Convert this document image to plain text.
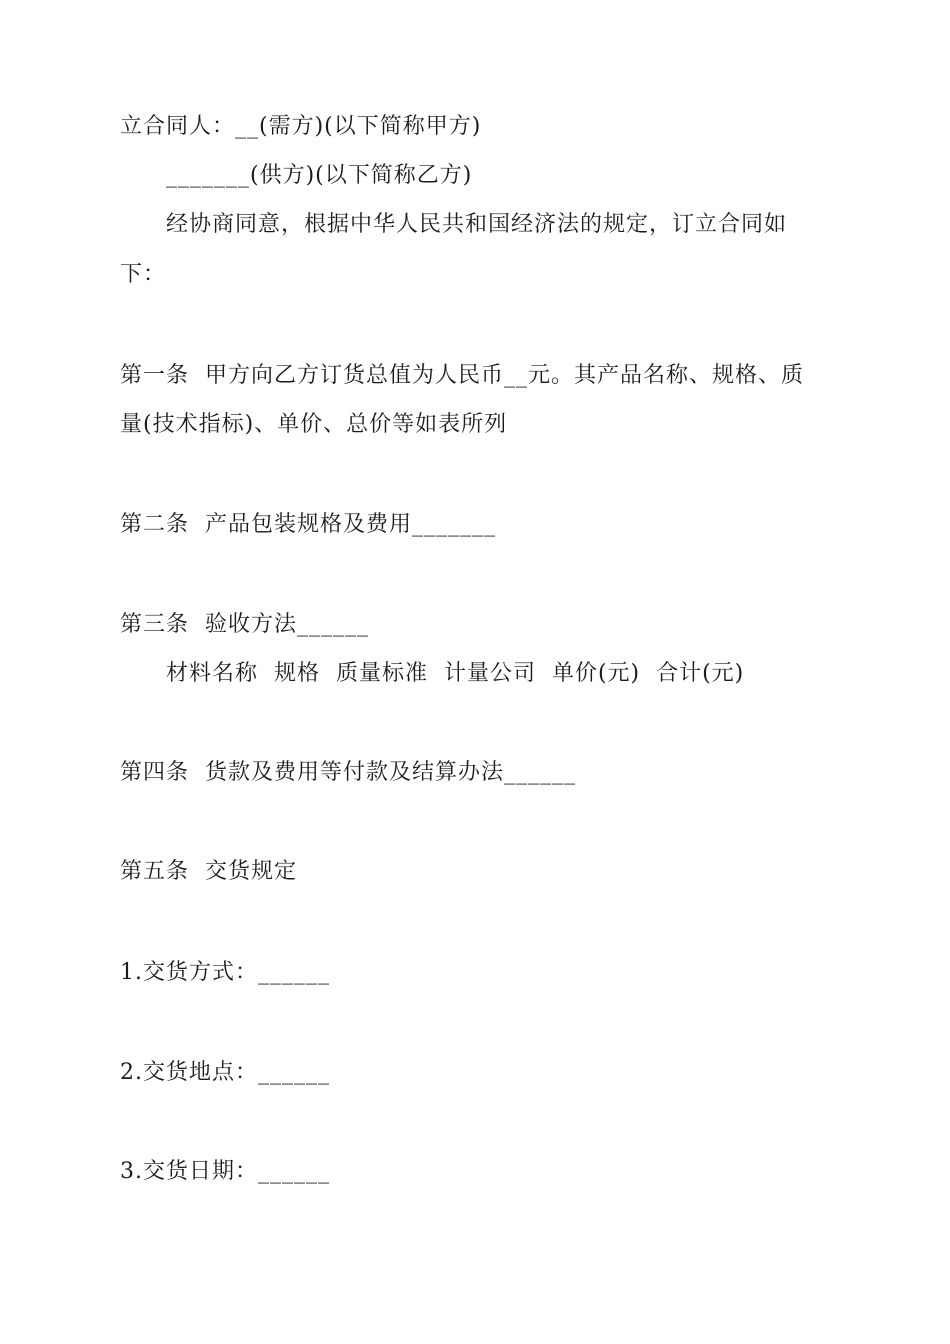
立合同人：__(需方)(以下简称甲方)
_______(供方)(以下简称乙方)
经协商同意，根据中华人民共和国经济法的规定，订立合同如
下：
第一条  甲方向乙方订货总值为人民币__元。其产品名称、规格、质
量(技术指标)、单价、总价等如表所列
第二条  产品包装规格及费用_______
第三条  验收方法______
材料名称  规格  质量标准  计量公司  单价(元)  合计(元)
第四条  货款及费用等付款及结算办法______
第五条  交货规定
1.交货方式：______
2.交货地点：______
3.交货日期：______
